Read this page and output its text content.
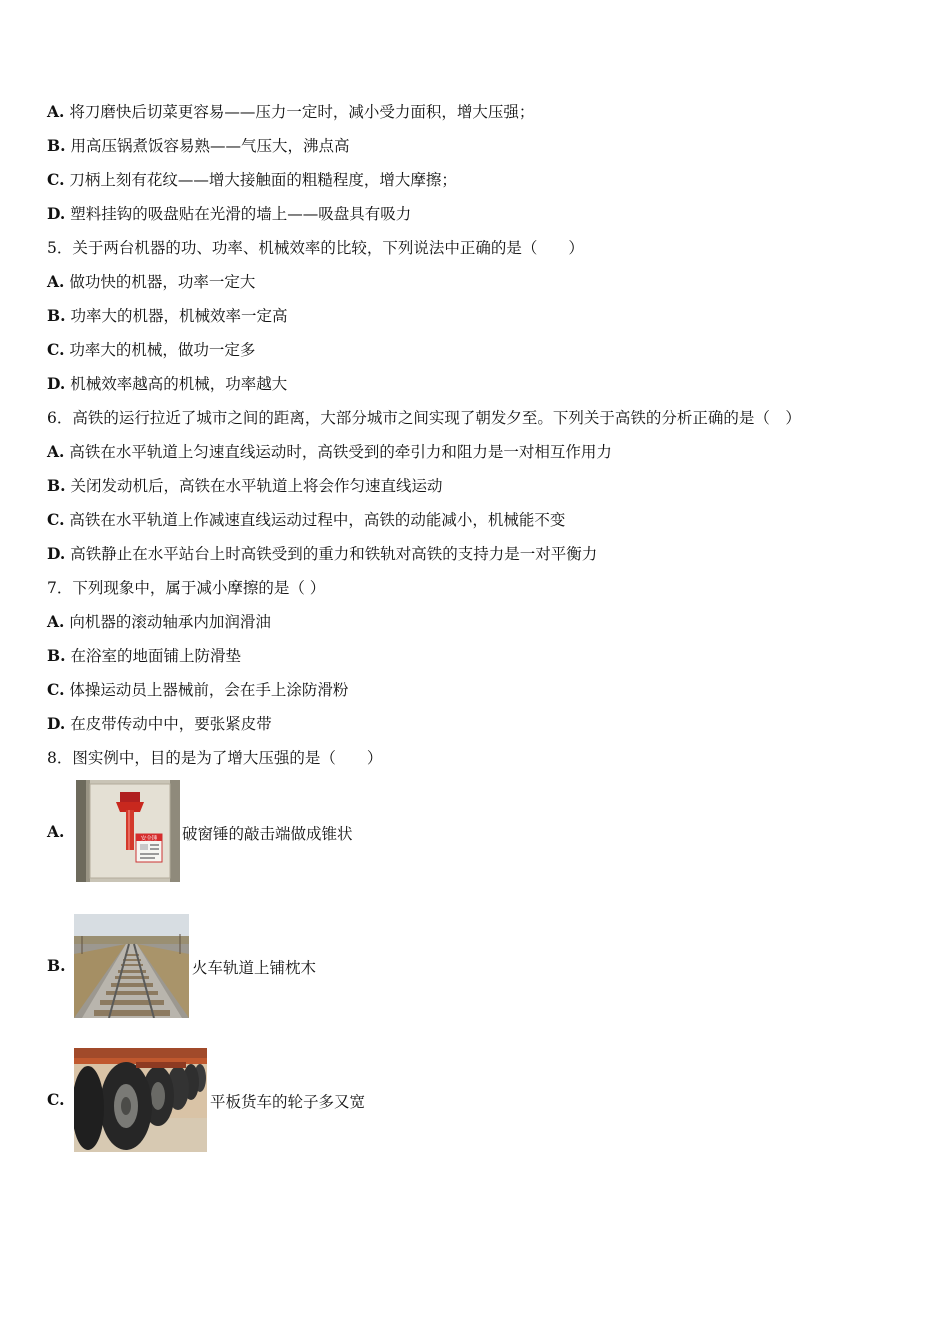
A. 将刀磨快后切菜更容易——压力一定时，减小受力面积，增大压强；
B. 用高压锅煮饭容易熟——气压大，沸点高
C. 刀柄上刻有花纹——增大接触面的粗糙程度，增大摩擦；
D. 塑料挂钩的吸盘贴在光滑的墙上——吸盘具有吸力
5．关于两台机器的功、功率、机械效率的比较，下列说法中正确的是（　　）
A. 做功快的机器，功率一定大
B. 功率大的机器，机械效率一定高
C. 功率大的机械，做功一定多
D. 机械效率越高的机械，功率越大
6．高铁的运行拉近了城市之间的距离，大部分城市之间实现了朝发夕至。下列关于高铁的分析正确的是（　）
A. 高铁在水平轨道上匀速直线运动时，高铁受到的牵引力和阻力是一对相互作用力
B. 关闭发动机后，高铁在水平轨道上将会作匀速直线运动
C. 高铁在水平轨道上作减速直线运动过程中，高铁的动能减小，机械能不变
D. 高铁静止在水平站台上时高铁受到的重力和铁轨对高铁的支持力是一对平衡力
7．下列现象中，属于减小摩擦的是（ ）
A. 向机器的滚动轴承内加润滑油
B. 在浴室的地面铺上防滑垫
C. 体操运动员上器械前，会在手上涂防滑粉
D. 在皮带传动中中，要张紧皮带
8．图实例中，目的是为了增大压强的是（　　）
A.	安全锤 破窗锤的敲击端做成锥状
B.	火车轨道上铺枕木
C.	平板货车的轮子多又宽
